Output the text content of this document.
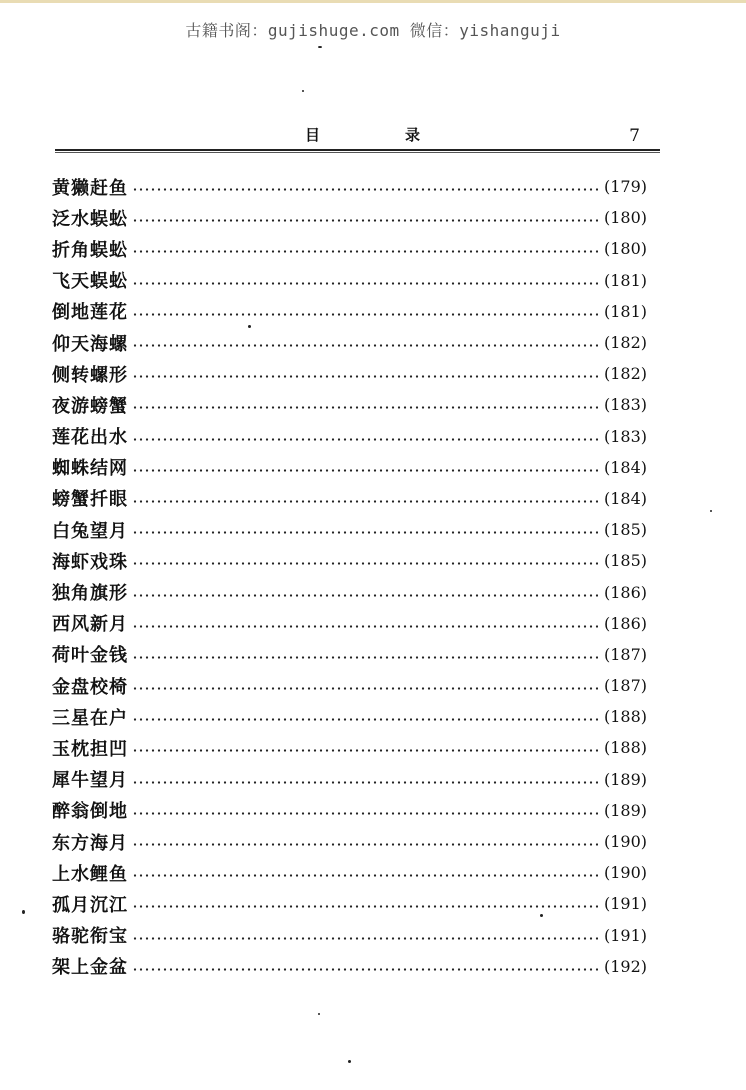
古籍书阁：gujishuge.com 微信：yishanguji
目	录	7
黄獭赶鱼	(179)
泛水蜈蚣	(180)
折角蜈蚣	(180)
飞天蜈蚣	(181)
倒地莲花	(181)
仰天海螺	(182)
侧转螺形	(182)
夜游螃蟹	(183)
莲花出水	(183)
蜘蛛结网	(184)
螃蟹扦眼	(184)
白兔望月	(185)
海虾戏珠	(185)
独角旗形	(186)
西风新月	(186)
荷叶金钱	(187)
金盘校椅	(187)
三星在户	(188)
玉枕担凹	(188)
犀牛望月	(189)
醉翁倒地	(189)
东方海月	(190)
上水鲤鱼	(190)
孤月沉江	(191)
骆驼衔宝	(191)
架上金盆	(192)
